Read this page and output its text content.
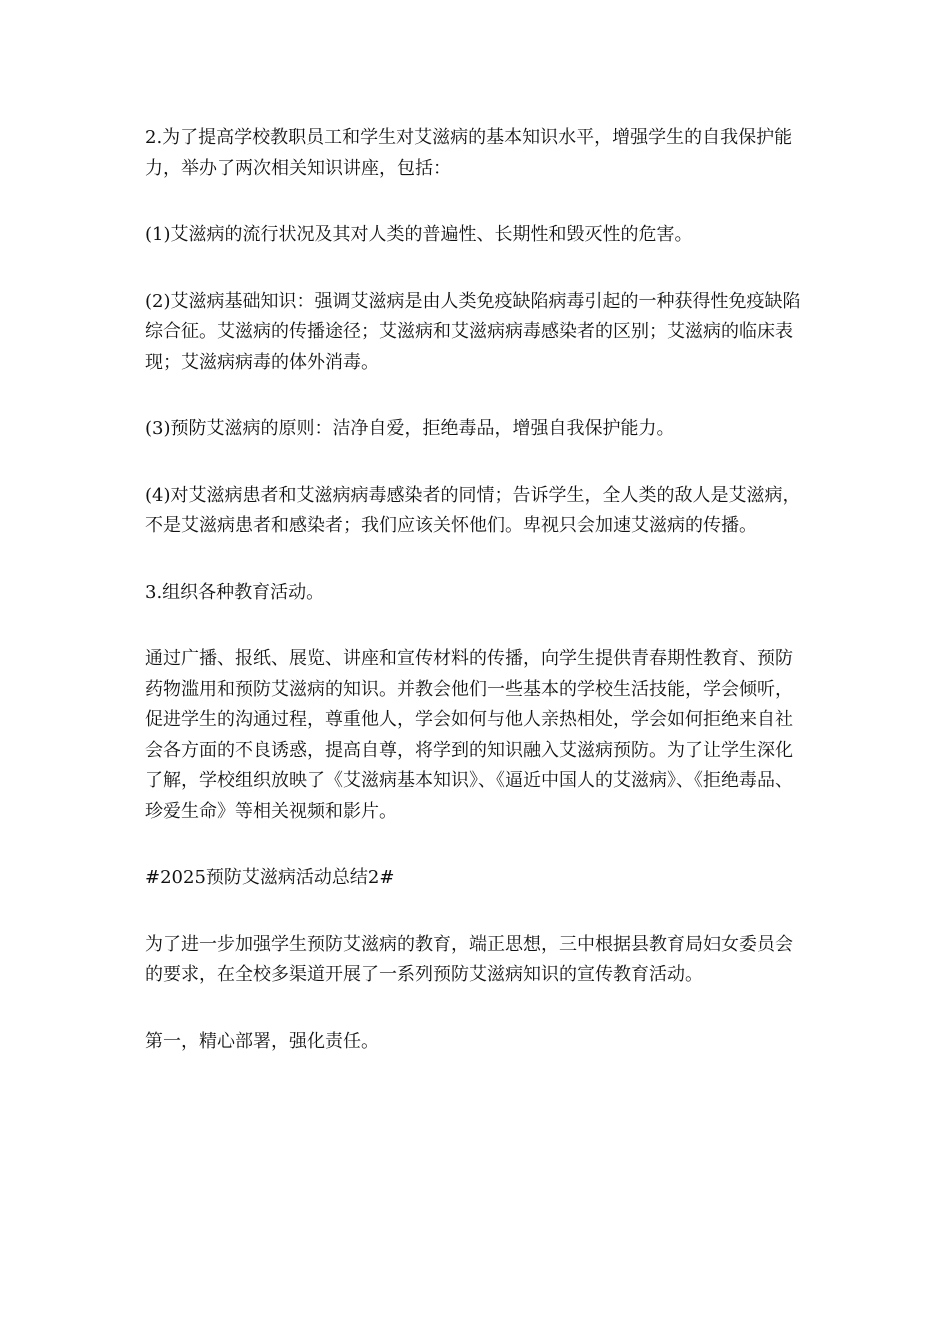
2.为了提高学校教职员工和学生对艾滋病的基本知识水平，增强学生的自我保护能力，举办了两次相关知识讲座，包括：

(1)艾滋病的流行状况及其对人类的普遍性、长期性和毁灭性的危害。

(2)艾滋病基础知识：强调艾滋病是由人类免疫缺陷病毒引起的一种获得性免疫缺陷综合征。艾滋病的传播途径；艾滋病和艾滋病病毒感染者的区别；艾滋病的临床表现；艾滋病病毒的体外消毒。

(3)预防艾滋病的原则：洁净自爱，拒绝毒品，增强自我保护能力。

(4)对艾滋病患者和艾滋病病毒感染者的同情；告诉学生，全人类的敌人是艾滋病，不是艾滋病患者和感染者；我们应该关怀他们。卑视只会加速艾滋病的传播。

3.组织各种教育活动。

通过广播、报纸、展览、讲座和宣传材料的传播，向学生提供青春期性教育、预防药物滥用和预防艾滋病的知识。并教会他们一些基本的学校生活技能，学会倾听，促进学生的沟通过程，尊重他人，学会如何与他人亲热相处，学会如何拒绝来自社会各方面的不良诱惑，提高自尊，将学到的知识融入艾滋病预防。为了让学生深化了解，学校组织放映了《艾滋病基本知识》、《逼近中国人的艾滋病》、《拒绝毒品、珍爱生命》等相关视频和影片。

#2025预防艾滋病活动总结2#

为了进一步加强学生预防艾滋病的教育，端正思想，三中根据县教育局妇女委员会的要求，在全校多渠道开展了一系列预防艾滋病知识的宣传教育活动。

第一，精心部署，强化责任。
